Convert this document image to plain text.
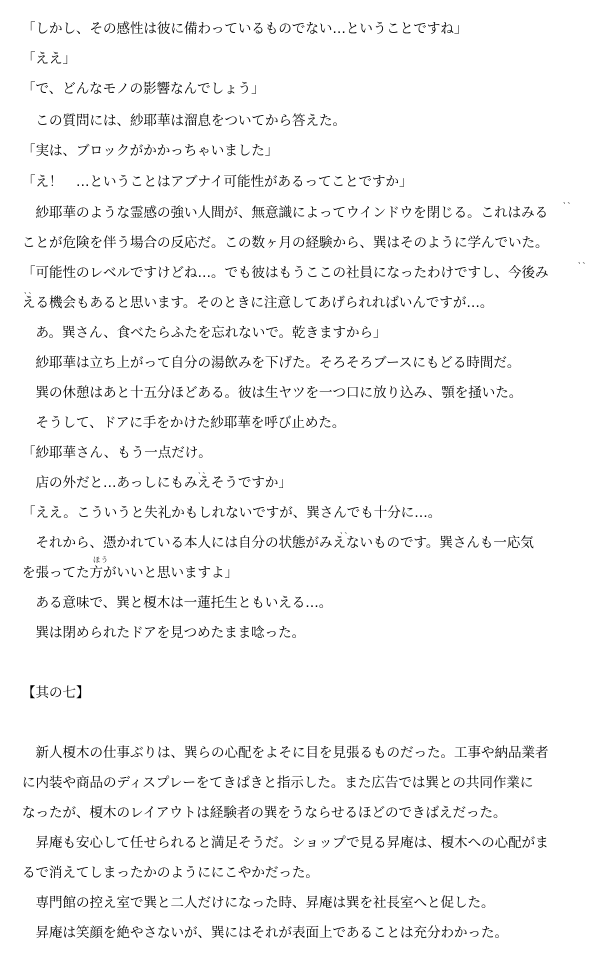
「しかし、その感性は彼に備わっているものでない…ということですね」
「ええ」
「で、どんなモノの影響なんでしょう」
　この質問には、紗耶華は溜息をついてから答えた。
「実は、ブロックがかかっちゃいました」
「え！　…ということはアブナイ可能性があるってことですか」
　紗耶華のような霊感の強い人間が、無意識によってウインドウを閉じる。これはみる
ことが危険を伴う場合の反応だ。この数ヶ月の経験から、巽はそのように学んでいた。
「可能性のレベルですけどね…。でも彼はもうここの社員になったわけですし、今後み
える機会もあると思います。そのときに注意してあげられればいんですが…。
　あ。巽さん、食べたらふたを忘れないで。乾きますから」
　紗耶華は立ち上がって自分の湯飲みを下げた。そろそろブースにもどる時間だ。
　巽の休憩はあと十五分ほどある。彼は生ヤツを一つ口に放り込み、顎を掻いた。
　そうして、ドアに手をかけた紗耶華を呼び止めた。
「紗耶華さん、もう一点だけ。
　店の外だと…あっしにもみえそうですか」
「ええ。こういうと失礼かもしれないですが、巽さんでも十分に…。
　それから、憑かれている本人には自分の状態がみえないものです。巽さんも一応気
を張ってた方がいいと思いますよ」
　ある意味で、巽と榎木は一蓮托生ともいえる…。
　巽は閉められたドアを見つめたまま唸った。
【其の七】
　新人榎木の仕事ぶりは、巽らの心配をよそに目を見張るものだった。工事や納品業者
に内装や商品のディスプレーをてきぱきと指示した。また広告では巽との共同作業に
なったが、榎木のレイアウトは経験者の巽をうならせるほどのできばえだった。
　昇庵も安心して任せられると満足そうだ。ショップで見る昇庵は、榎木への心配がま
るで消えてしまったかのようににこやかだった。
　専門館の控え室で巽と二人だけになった時、昇庵は巽を社長室へと促した。
　昇庵は笑顔を絶やさないが、巽にはそれが表面上であることは充分わかった。
、、
、、
、、
、、
、、
ほう
